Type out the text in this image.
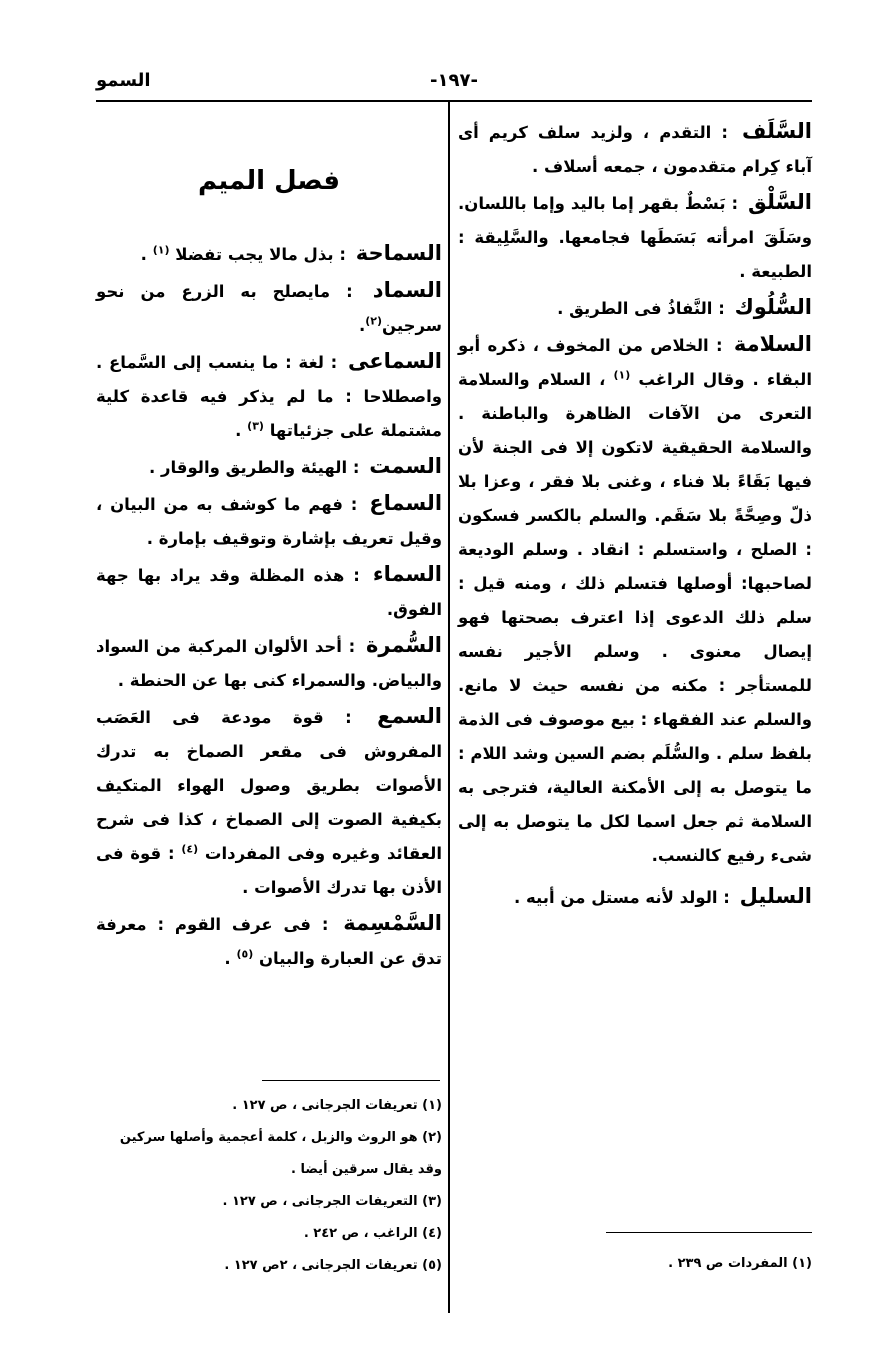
السمو	-١٩٧-

السَّلَف : التقدم ، ولزيد سلف كريم أى آباء كِرام متقدمون ، جمعه أسلاف .

السَّلْق : بَسْطٌ بقهر إما باليد وإما باللسان. وسَلَقَ امرأته بَسَطَها فجامعها. والسَّلِيقة : الطبيعة .

السُّلُوك : النَّفاذُ فى الطريق .

السلامة : الخلاص من المخوف ، ذكره أبو البقاء . وقال الراغب $^{(١)}$ ، السلام والسلامة التعرى من الآفات الظاهرة والباطنة . والسلامة الحقيقية لاتكون إلا فى الجنة لأن فيها بَقَاءً بلا فناء ، وغنى بلا فقر ، وعزا بلا ذلّ وصِحَّةً بلا سَقَم. والسلم بالكسر فسكون : الصلح ، واستسلم : انقاد . وسلم الوديعة لصاحبها: أوصلها فتسلم ذلك ، ومنه قيل : سلم ذلك الدعوى إذا اعترف بصحتها فهو إيصال معنوى . وسلم الأجير نفسه للمستأجر : مكنه من نفسه حيث لا مانع. والسلم عند الفقهاء : بيع موصوف فى الذمة بلفظ سلم . والسُّلَم بضم السين وشد اللام : ما يتوصل به إلى الأمكنة العالية، فترجى به السلامة ثم جعل اسما لكل ما يتوصل به إلى شىء رفيع كالنسب.

السليل : الولد لأنه مستل من أبيه .

فصل الميم

السماحة : بذل مالا يجب تفضلا $^{(١)}$ .

السماد : مايصلح به الزرع من نحو سرجين$^{(٢)}$.

السماعى : لغة : ما ينسب إلى السَّماع . واصطلاحا : ما لم يذكر فيه قاعدة كلية مشتملة على جزئياتها $^{(٣)}$ .

السمت : الهيئة والطريق والوقار .

السماع : فهم ما كوشف به من البيان ، وقيل تعريف بإشارة وتوقيف بإمارة .

السماء : هذه المظلة وقد يراد بها جهة الفوق.

السُّمرة : أحد الألوان المركبة من السواد والبياض. والسمراء كنى بها عن الحنطة .

السمع : قوة مودعة فى العَصَب المفروش فى مقعر الصماخ به تدرك الأصوات بطريق وصول الهواء المتكيف بكيفية الصوت إلى الصماخ ، كذا فى شرح العقائد وغيره وفى المفردات $^{(٤)}$ : قوة فى الأذن بها تدرك الأصوات .

السَّمْسِمة : فى عرف القوم : معرفة تدق عن العبارة والبيان $^{(٥)}$ .

(١) تعريفات الجرجانى ، ص ١٢٧ .
(٢) هو الروث والزبل ، كلمة أعجمية وأصلها سركين وقد يقال سرقين أيضا .
(٣) التعريفات الجرجانى ، ص ١٢٧ .
(٤) الراغب ، ص ٢٤٢ .
(٥) تعريفات الجرجانى ، ٢ص ١٢٧ .	(١) المفردات ص ٢٣٩ .
